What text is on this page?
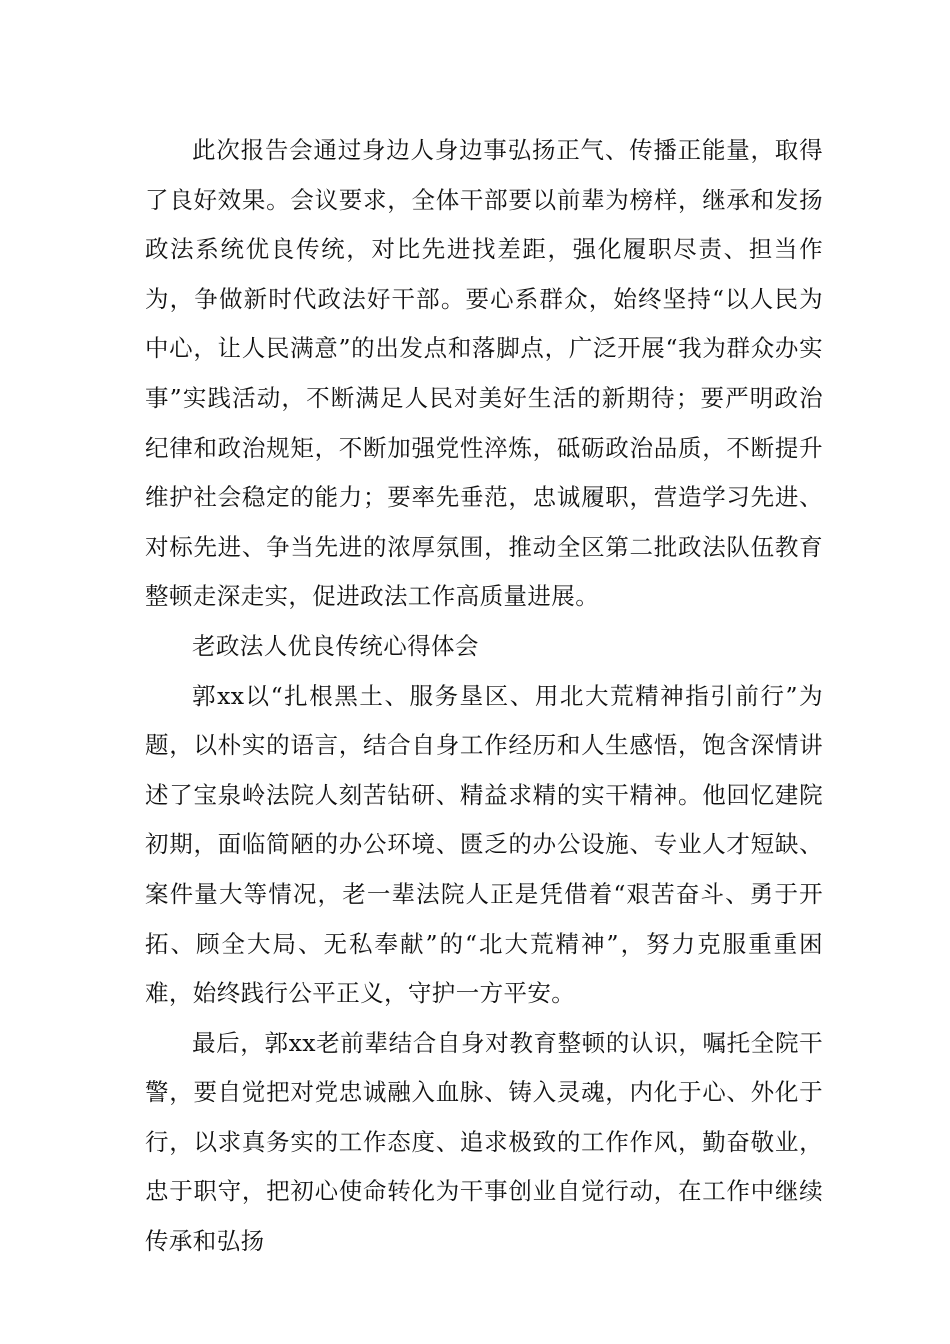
此次报告会通过身边人身边事弘扬正气、传播正能量，取得了良好效果。会议要求，全体干部要以前辈为榜样，继承和发扬政法系统优良传统，对比先进找差距，强化履职尽责、担当作为，争做新时代政法好干部。要心系群众，始终坚持“以人民为中心，让人民满意”的出发点和落脚点，广泛开展“我为群众办实事”实践活动，不断满足人民对美好生活的新期待；要严明政治纪律和政治规矩，不断加强党性淬炼，砥砺政治品质，不断提升维护社会稳定的能力；要率先垂范，忠诚履职，营造学习先进、对标先进、争当先进的浓厚氛围，推动全区第二批政法队伍教育整顿走深走实，促进政法工作高质量进展。

老政法人优良传统心得体会

郭xx以“扎根黑土、服务垦区、用北大荒精神指引前行”为题，以朴实的语言，结合自身工作经历和人生感悟，饱含深情讲述了宝泉岭法院人刻苦钻研、精益求精的实干精神。他回忆建院初期，面临简陋的办公环境、匮乏的办公设施、专业人才短缺、案件量大等情况，老一辈法院人正是凭借着“艰苦奋斗、勇于开拓、顾全大局、无私奉献”的“北大荒精神”，努力克服重重困难，始终践行公平正义，守护一方平安。

最后，郭xx老前辈结合自身对教育整顿的认识，嘱托全院干警，要自觉把对党忠诚融入血脉、铸入灵魂，内化于心、外化于行，以求真务实的工作态度、追求极致的工作作风，勤奋敬业，忠于职守，把初心使命转化为干事创业自觉行动，在工作中继续传承和弘扬
